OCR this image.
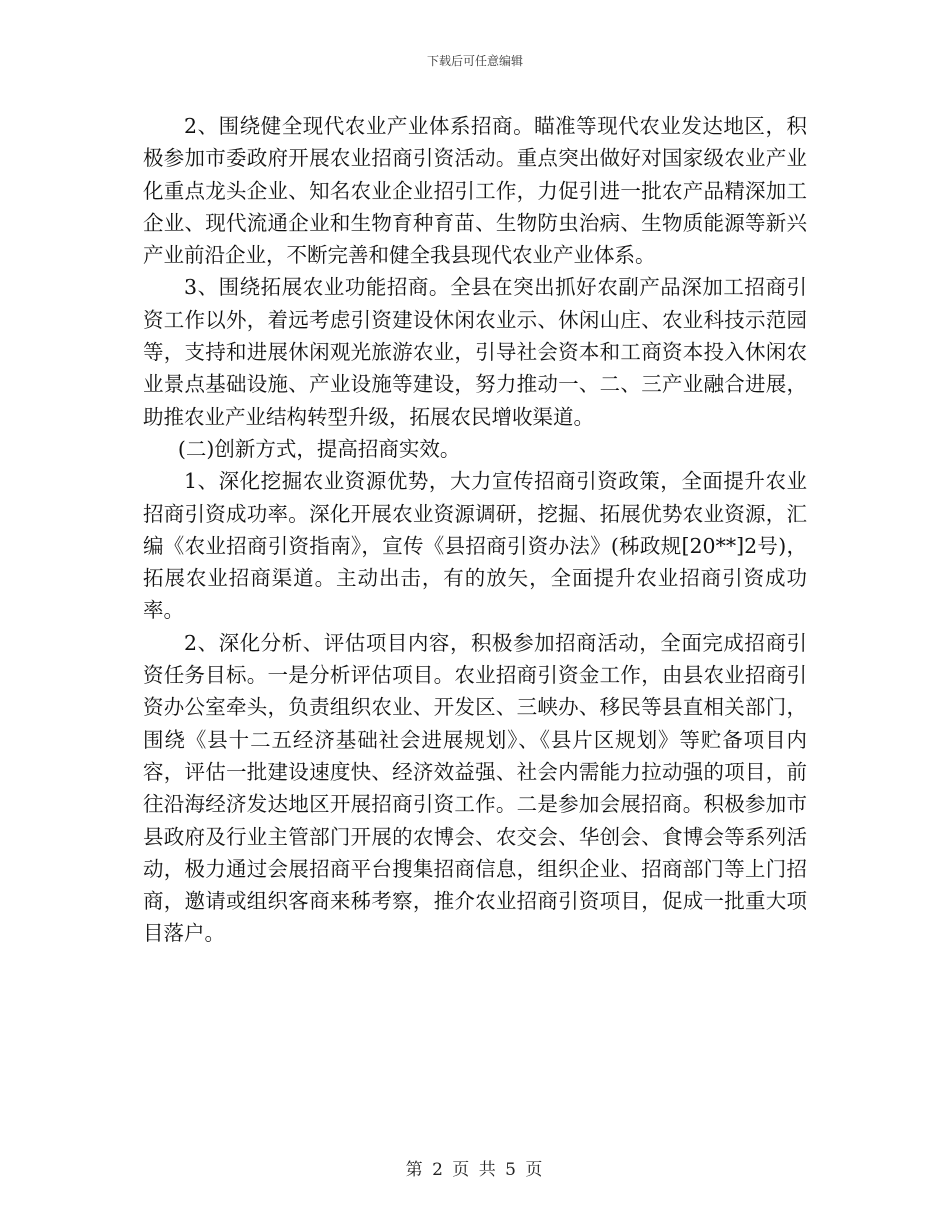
下载后可任意编辑

2、围绕健全现代农业产业体系招商。瞄准等现代农业发达地区，积极参加市委政府开展农业招商引资活动。重点突出做好对国家级农业产业化重点龙头企业、知名农业企业招引工作，力促引进一批农产品精深加工企业、现代流通企业和生物育种育苗、生物防虫治病、生物质能源等新兴产业前沿企业，不断完善和健全我县现代农业产业体系。

3、围绕拓展农业功能招商。全县在突出抓好农副产品深加工招商引资工作以外，着远考虑引资建设休闲农业示、休闲山庄、农业科技示范园等，支持和进展休闲观光旅游农业，引导社会资本和工商资本投入休闲农业景点基础设施、产业设施等建设，努力推动一、二、三产业融合进展，助推农业产业结构转型升级，拓展农民增收渠道。

(二)创新方式，提高招商实效。

1、深化挖掘农业资源优势，大力宣传招商引资政策，全面提升农业招商引资成功率。深化开展农业资源调研，挖掘、拓展优势农业资源，汇编《农业招商引资指南》，宣传《县招商引资办法》(秭政规[20**]2号)，拓展农业招商渠道。主动出击，有的放矢，全面提升农业招商引资成功率。

2、深化分析、评估项目内容，积极参加招商活动，全面完成招商引资任务目标。一是分析评估项目。农业招商引资金工作，由县农业招商引资办公室牵头，负责组织农业、开发区、三峡办、移民等县直相关部门，围绕《县十二五经济基础社会进展规划》、《县片区规划》等贮备项目内容，评估一批建设速度快、经济效益强、社会内需能力拉动强的项目，前往沿海经济发达地区开展招商引资工作。二是参加会展招商。积极参加市县政府及行业主管部门开展的农博会、农交会、华创会、食博会等系列活动，极力通过会展招商平台搜集招商信息，组织企业、招商部门等上门招商，邀请或组织客商来秭考察，推介农业招商引资项目，促成一批重大项目落户。

第 2 页 共 5 页
